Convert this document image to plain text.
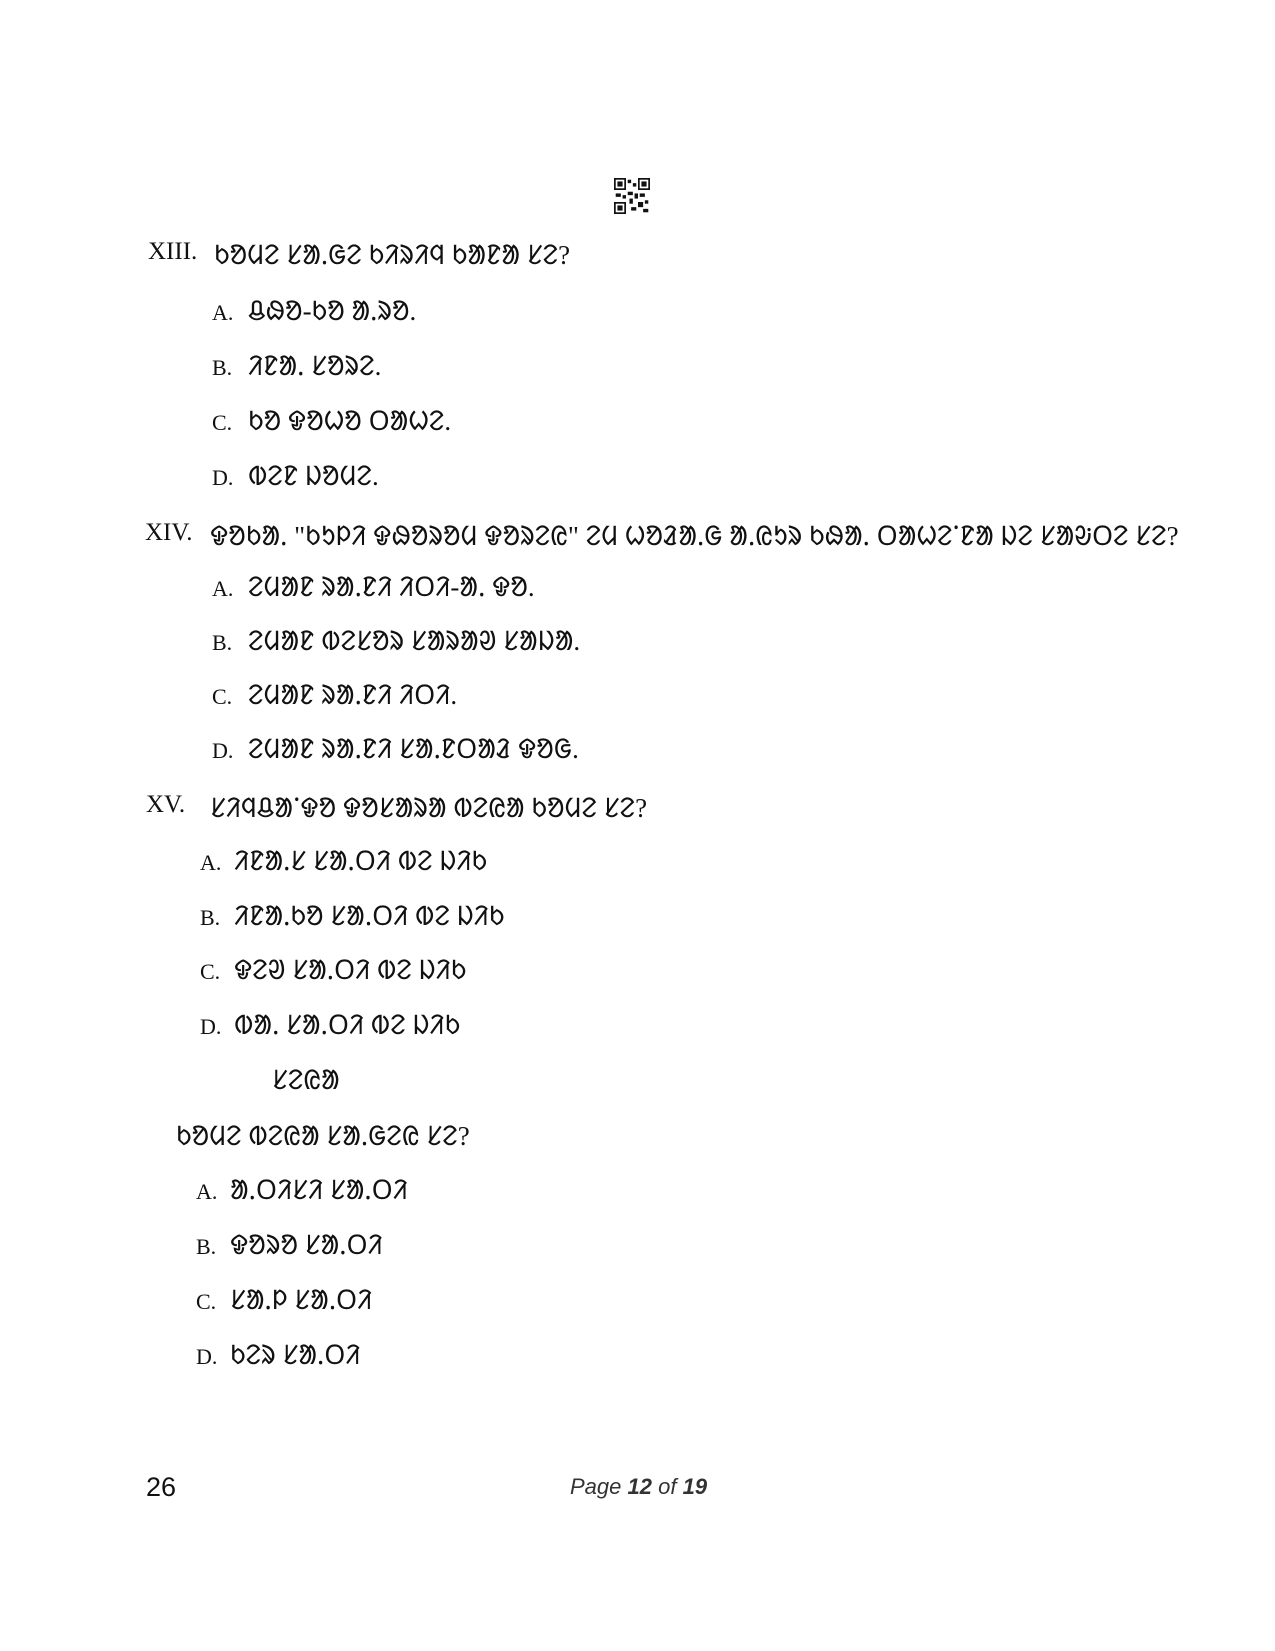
XIII. ᱠᱚᱢᱮ ᱥᱟᱹᱜᱮ ᱠᱤᱨᱤᱧ ᱠᱟᱱᱟ ᱥᱮ?
A. ᱪᱷᱚ-ᱠᱚ ᱟᱹᱨᱚ.
B. ᱤᱱᱟᱹ ᱥᱚᱨᱮ.
C. ᱠᱚ ᱫᱚᱦᱚ ᱛᱟᱦᱮ.
D. ᱵᱮᱱ ᱡᱚᱢᱮ.
XIV. ᱫᱚᱠᱟᱹ "ᱠᱩᱞᱤ ᱫᱷᱚᱨᱚᱢ ᱫᱚᱨᱮᱭ" ᱮᱢ ᱦᱚᱲᱟᱹᱜ ᱟᱹᱭᱩᱨ ᱠᱷᱟᱹ ᱛᱟᱦᱮᱸᱱᱟ ᱡᱮ ᱥᱟᱶᱛᱮ ᱥᱮ?
A. ᱮᱢᱟᱱ ᱨᱟᱹᱱᱤ ᱤᱛᱤ-ᱟᱹ ᱫᱚ.
B. ᱮᱢᱟᱱ ᱵᱮᱥᱚᱨ ᱥᱟᱨᱟᱣ ᱥᱟᱡᱟ.
C. ᱮᱢᱟᱱ ᱨᱟᱹᱱᱤ ᱤᱛᱤ.
D. ᱮᱢᱟᱱ ᱨᱟᱹᱱᱤ ᱥᱟᱹᱱᱛᱟᱲ ᱫᱚᱜ.
XV. ᱥᱤᱧᱪᱟᱸᱫᱚ ᱫᱚᱥᱟᱨᱟ ᱵᱮᱭᱟ ᱠᱚᱢᱮ ᱥᱮ?
A. ᱤᱱᱟᱹᱥ ᱥᱟᱹᱛᱤ ᱵᱮ ᱡᱤᱠ
B. ᱤᱱᱟᱹᱠᱚ ᱥᱟᱹᱛᱤ ᱵᱮ ᱡᱤᱠ
C. ᱫᱮᱣ ᱥᱟᱹᱛᱤ ᱵᱮ ᱡᱤᱠ
D. ᱵᱟᱹ ᱥᱟᱹᱛᱤ ᱵᱮ ᱡᱤᱠ
ᱥᱮᱭᱟ
ᱠᱚᱢᱮ ᱵᱮᱭᱟ ᱥᱟᱹᱜᱮᱭ ᱥᱮ?
A. ᱟᱹᱛᱤᱥᱤ ᱥᱟᱹᱛᱤ
B. ᱫᱚᱨᱚ ᱥᱟᱹᱛᱤ
C. ᱥᱟᱹᱞ ᱥᱟᱹᱛᱤ
D. ᱠᱮᱨ ᱥᱟᱹᱛᱤ
26	Page 12 of 19
